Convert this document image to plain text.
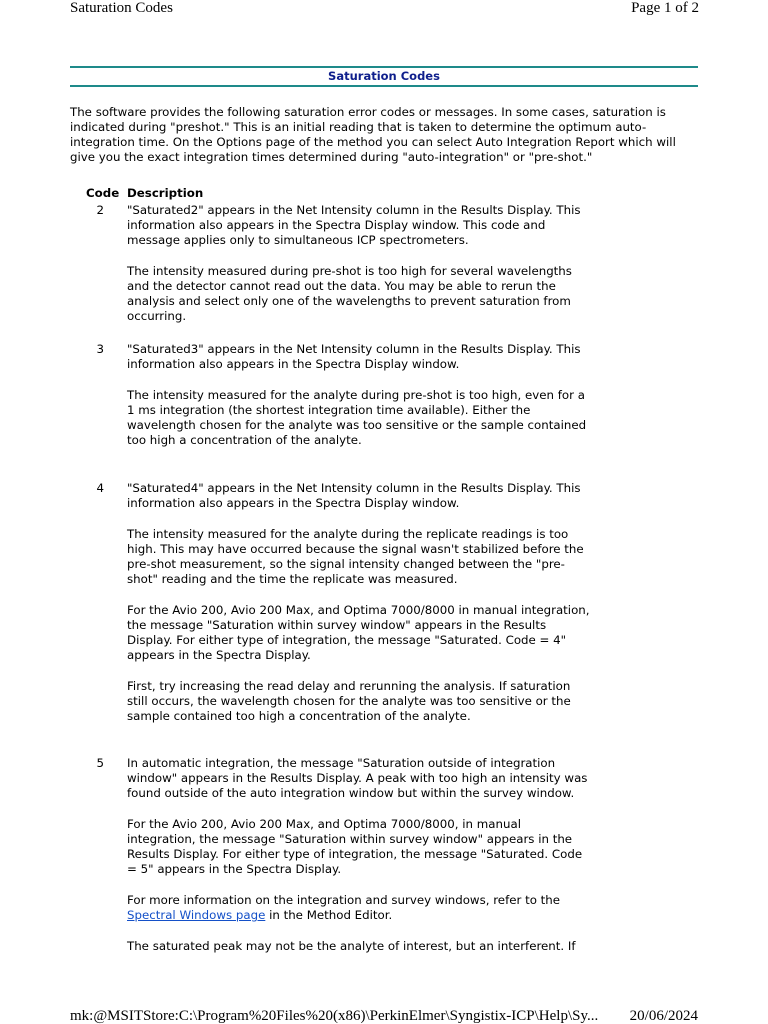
Saturation Codes	Page 1 of 2
Saturation Codes
The software provides the following saturation error codes or messages. In some cases, saturation is indicated during "preshot." This is an initial reading that is taken to determine the optimum auto-integration time. On the Options page of the method you can select Auto Integration Report which will give you the exact integration times determined during "auto-integration" or "pre-shot."
Code Description
2 "Saturated2" appears in the Net Intensity column in the Results Display. This information also appears in the Spectra Display window. This code and message applies only to simultaneous ICP spectrometers.
The intensity measured during pre-shot is too high for several wavelengths and the detector cannot read out the data. You may be able to rerun the analysis and select only one of the wavelengths to prevent saturation from occurring.
3 "Saturated3" appears in the Net Intensity column in the Results Display. This information also appears in the Spectra Display window.
The intensity measured for the analyte during pre-shot is too high, even for a 1 ms integration (the shortest integration time available). Either the wavelength chosen for the analyte was too sensitive or the sample contained too high a concentration of the analyte.
4 "Saturated4" appears in the Net Intensity column in the Results Display. This information also appears in the Spectra Display window.
The intensity measured for the analyte during the replicate readings is too high. This may have occurred because the signal wasn't stabilized before the pre-shot measurement, so the signal intensity changed between the "pre-shot" reading and the time the replicate was measured.
For the Avio 200, Avio 200 Max, and Optima 7000/8000 in manual integration, the message "Saturation within survey window" appears in the Results Display. For either type of integration, the message "Saturated. Code = 4" appears in the Spectra Display.
First, try increasing the read delay and rerunning the analysis. If saturation still occurs, the wavelength chosen for the analyte was too sensitive or the sample contained too high a concentration of the analyte.
5 In automatic integration, the message "Saturation outside of integration window" appears in the Results Display. A peak with too high an intensity was found outside of the auto integration window but within the survey window.
For the Avio 200, Avio 200 Max, and Optima 7000/8000, in manual integration, the message "Saturation within survey window" appears in the Results Display. For either type of integration, the message "Saturated. Code = 5" appears in the Spectra Display.
For more information on the integration and survey windows, refer to the Spectral Windows page in the Method Editor.
The saturated peak may not be the analyte of interest, but an interferent. If
mk:@MSITStore:C:\Program%20Files%20(x86)\PerkinElmer\Syngistix-ICP\Help\Sy... 20/06/2024
